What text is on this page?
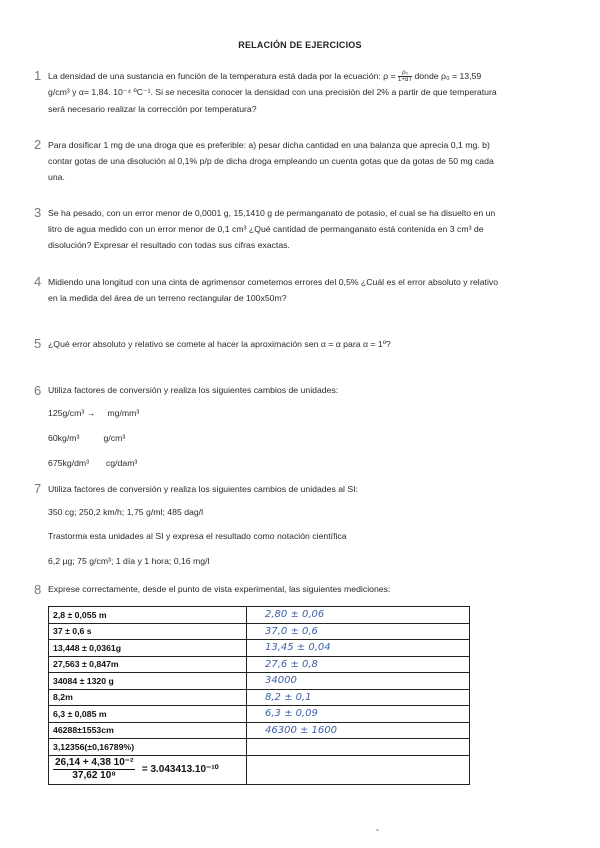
RELACIÓN DE EJERCICIOS
1 La densidad de una sustancia en función de la temperatura está dada por la ecuación: $\rho = \frac{\text{ρ₀}}{1+\alpha T}$ donde ρ₀ = 13,59
g/cm³ y α= 1,84. 10⁻⁴ ºC⁻¹. Si se necesita conocer la densidad con una precisión del 2% a partir de que temperatura
será necesario realizar la corrección por temperatura?
2 Para dosificar 1 mg de una droga que es preferible: a) pesar dicha cantidad en una balanza que aprecia 0,1 mg. b)
contar gotas de una disolución al 0,1% p/p de dicha droga empleando un cuenta gotas que da gotas de 50 mg cada
una.
3 Se ha pesado, con un error menor de 0,0001 g, 15,1410 g de permanganato de potasio, el cual se ha disuelto en un
litro de agua medido con un error menor de 0,1 cm³ ¿Qué cantidad de permanganato está contenida en 3 cm³ de
disolución? Expresar el resultado con todas sus cifras exactas.
4 Midiendo una longitud con una cinta de agrimensor cometemos errores del 0,5% ¿Cuál es el error absoluto y relativo
en la medida del área de un terreno rectangular de 100x50m?
5 ¿Qué error absoluto y relativo se comete al hacer la aproximación sen α = α para α = 1º?
6 Utiliza factores de conversión y realiza los siguientes cambios de unidades:
125g/cm³ →     mg/mm³
60kg/m³          g/cm³
675kg/dm³       cg/dam³
7 Utiliza factores de conversión y realiza los siguientes cambios de unidades al SI:
350 cg; 250,2 km/h; 1,75 g/ml; 485 dag/l
Trastorma esta unidades al SI y expresa el resultado como notación científica
6,2 μg; 75 g/cm³; 1 día y 1 hora; 0,16 mg/l
8 Exprese correctamente, desde el punto de vista experimental, las siguientes mediciones:
2,8 ± 0,055 m	2,80 ± 0,06
37 ± 0,6 s	37,0 ± 0,6
13,448 ± 0,0361g	13,45 ± 0,04
27,563 ± 0,847m	27,6 ± 0,8
34084 ± 1320 g	34000
8,2m	8,2 ± 0,1
6,3 ± 0,085 m	6,3 ± 0,09
46288±1553cm	46300 ± 1600
3,12356(±0,16789%)	

$\frac{\text{26,14 + 4,38 10⁻²}}{\text{37,62 10⁸}} = 3.043413.10^{-10}$	
